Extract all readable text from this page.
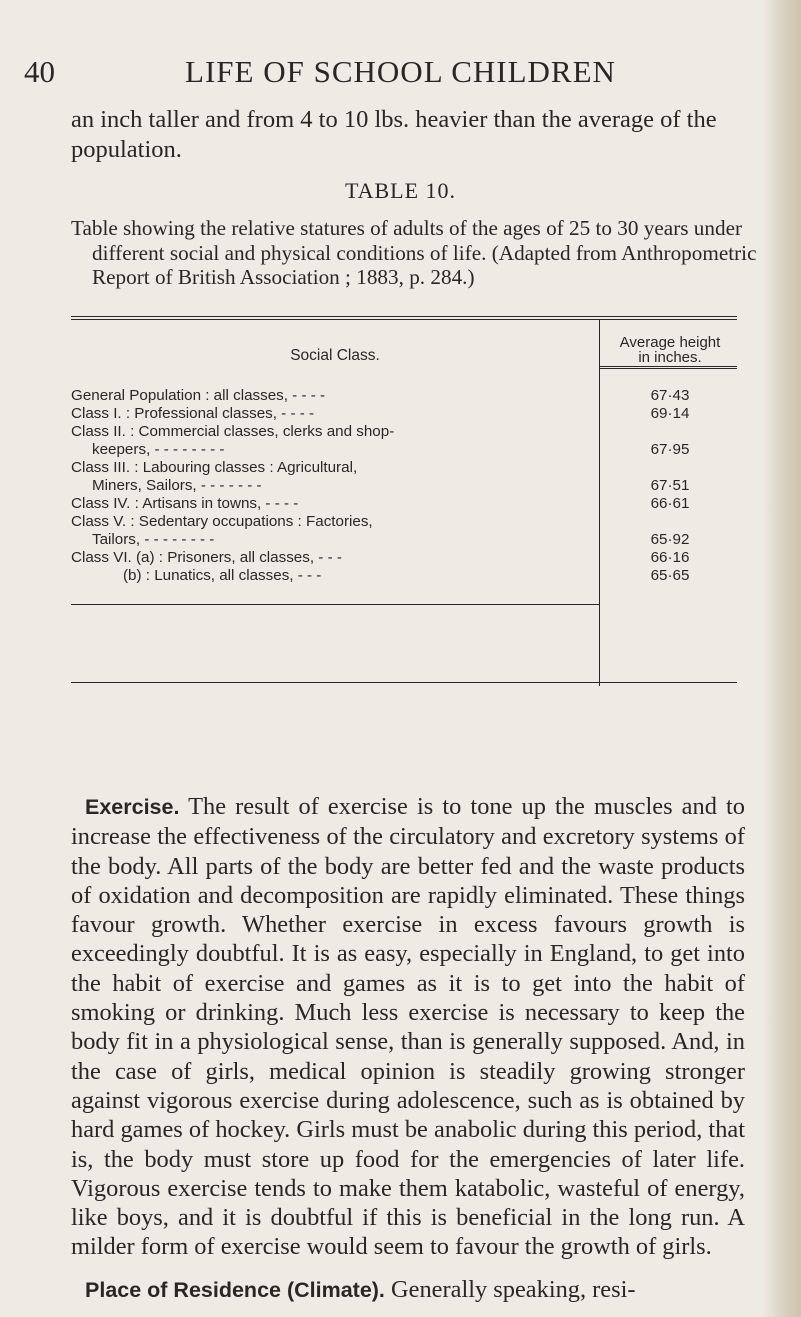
40	LIFE OF SCHOOL CHILDREN
an inch taller and from 4 to 10 lbs. heavier than the average of the population.
TABLE 10.
Table showing the relative statures of adults of the ages of 25 to 30 years under different social and physical conditions of life. (Adapted from Anthropometric Report of British Association ; 1883, p. 284.)
Social Class.
Average height
in inches.
General Population : all classes, - - - -	67·43
Class I. : Professional classes, - - - -	69·14
Class II. : Commercial classes, clerks and shop-
keepers, - - - - - - - -	67·95
Class III. : Labouring classes : Agricultural,
Miners, Sailors, - - - - - - -	67·51
Class IV. : Artisans in towns, - - - -	66·61
Class V. : Sedentary occupations : Factories,
Tailors, - - - - - - - -	65·92
Class VI. (a) : Prisoners, all classes, - - -	66·16
(b) : Lunatics, all classes, - - -	65·65
Exercise. The result of exercise is to tone up the muscles and to increase the effectiveness of the circulatory and excretory systems of the body. All parts of the body are better fed and the waste products of oxidation and decomposition are rapidly eliminated. These things favour growth. Whether exercise in excess favours growth is exceedingly doubtful. It is as easy, especially in England, to get into the habit of exercise and games as it is to get into the habit of smoking or drinking. Much less exercise is necessary to keep the body fit in a physiological sense, than is generally supposed. And, in the case of girls, medical opinion is steadily growing stronger against vigorous exercise during adolescence, such as is obtained by hard games of hockey. Girls must be anabolic during this period, that is, the body must store up food for the emergencies of later life. Vigorous exercise tends to make them katabolic, wasteful of energy, like boys, and it is doubtful if this is beneficial in the long run. A milder form of exercise would seem to favour the growth of girls.
Place of Residence (Climate). Generally speaking, resi-
